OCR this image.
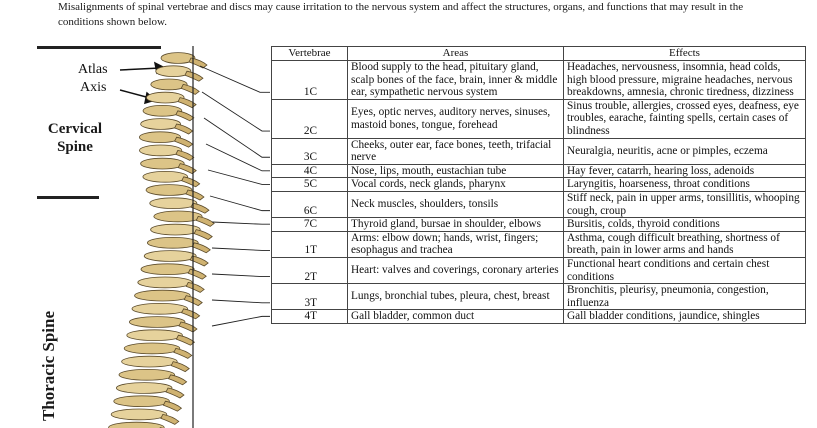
Misalignments of spinal vertebrae and discs may cause irritation to the nervous system and affect the structures, organs, and functions that may result in the conditions shown below.
Atlas
Axis
Cervical
Spine
Thoracic Spine
Vertebrae	Areas	Effects
1C	Blood supply to the head, pituitary gland, scalp bones of the face, brain, inner & middle ear, sympathetic nervous system	Headaches, nervousness, insomnia, head colds, high blood pressure, migraine headaches, nervous breakdowns, amnesia, chronic tiredness, dizziness
2C	Eyes, optic nerves, auditory nerves, sinuses, mastoid bones, tongue, forehead	Sinus trouble, allergies, crossed eyes, deafness, eye troubles, earache, fainting spells, certain cases of blindness
3C	Cheeks, outer ear, face bones, teeth, trifacial nerve	Neuralgia, neuritis, acne or pimples, eczema
4C	Nose, lips, mouth, eustachian tube	Hay fever, catarrh, hearing loss, adenoids
5C	Vocal cords, neck glands, pharynx	Laryngitis, hoarseness, throat conditions
6C	Neck muscles, shoulders, tonsils	Stiff neck, pain in upper arms, tonsillitis, whooping cough, croup
7C	Thyroid gland, bursae in shoulder, elbows	Bursitis, colds, thyroid conditions
1T	Arms: elbow down; hands, wrist, fingers; esophagus and trachea	Asthma, cough difficult breathing, shortness of breath, pain in lower arms and hands
2T	Heart: valves and coverings, coronary arteries	Functional heart conditions and certain chest conditions
3T	Lungs, bronchial tubes, pleura, chest, breast	Bronchitis, pleurisy, pneumonia, congestion, influenza
4T	Gall bladder, common duct	Gall bladder conditions, jaundice, shingles
